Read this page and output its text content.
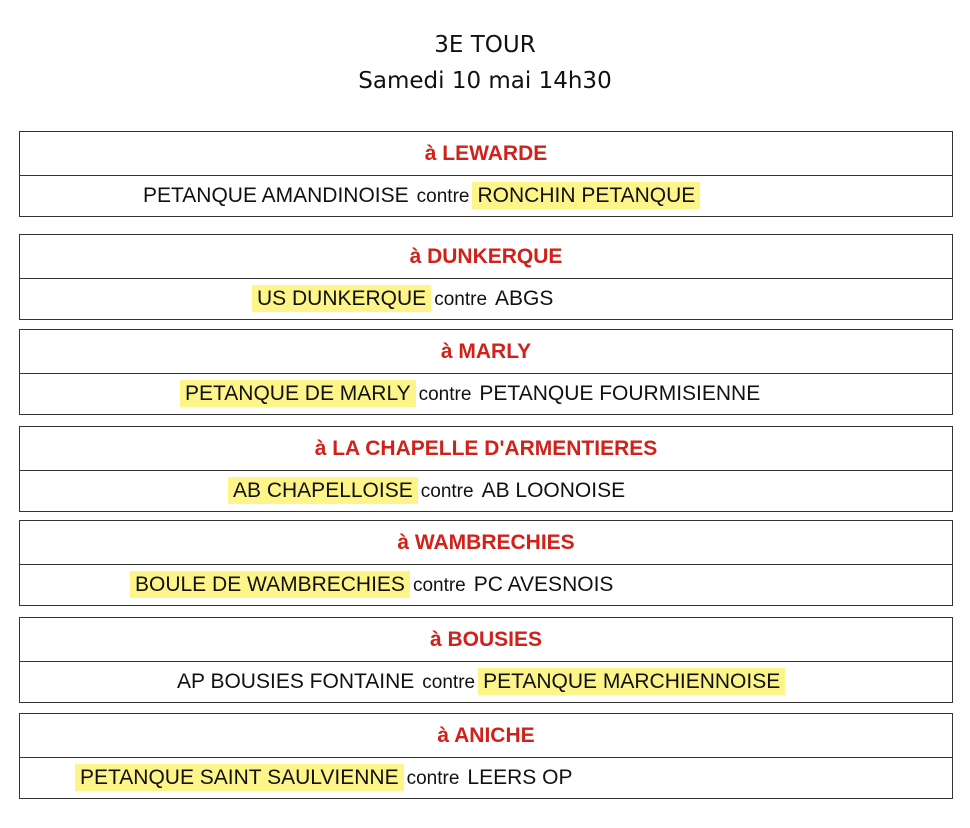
3E TOUR
Samedi 10 mai 14h30
à LEWARDE
PETANQUE AMANDINOISE contre RONCHIN PETANQUE
à DUNKERQUE
US DUNKERQUE contre ABGS
à MARLY
PETANQUE DE MARLY contre PETANQUE FOURMISIENNE
à LA CHAPELLE D'ARMENTIERES
AB CHAPELLOISE contre AB LOONOISE
à WAMBRECHIES
BOULE DE WAMBRECHIES contre PC AVESNOIS
à BOUSIES
AP BOUSIES FONTAINE contre PETANQUE MARCHIENNOISE
à ANICHE
PETANQUE SAINT SAULVIENNE contre LEERS OP
